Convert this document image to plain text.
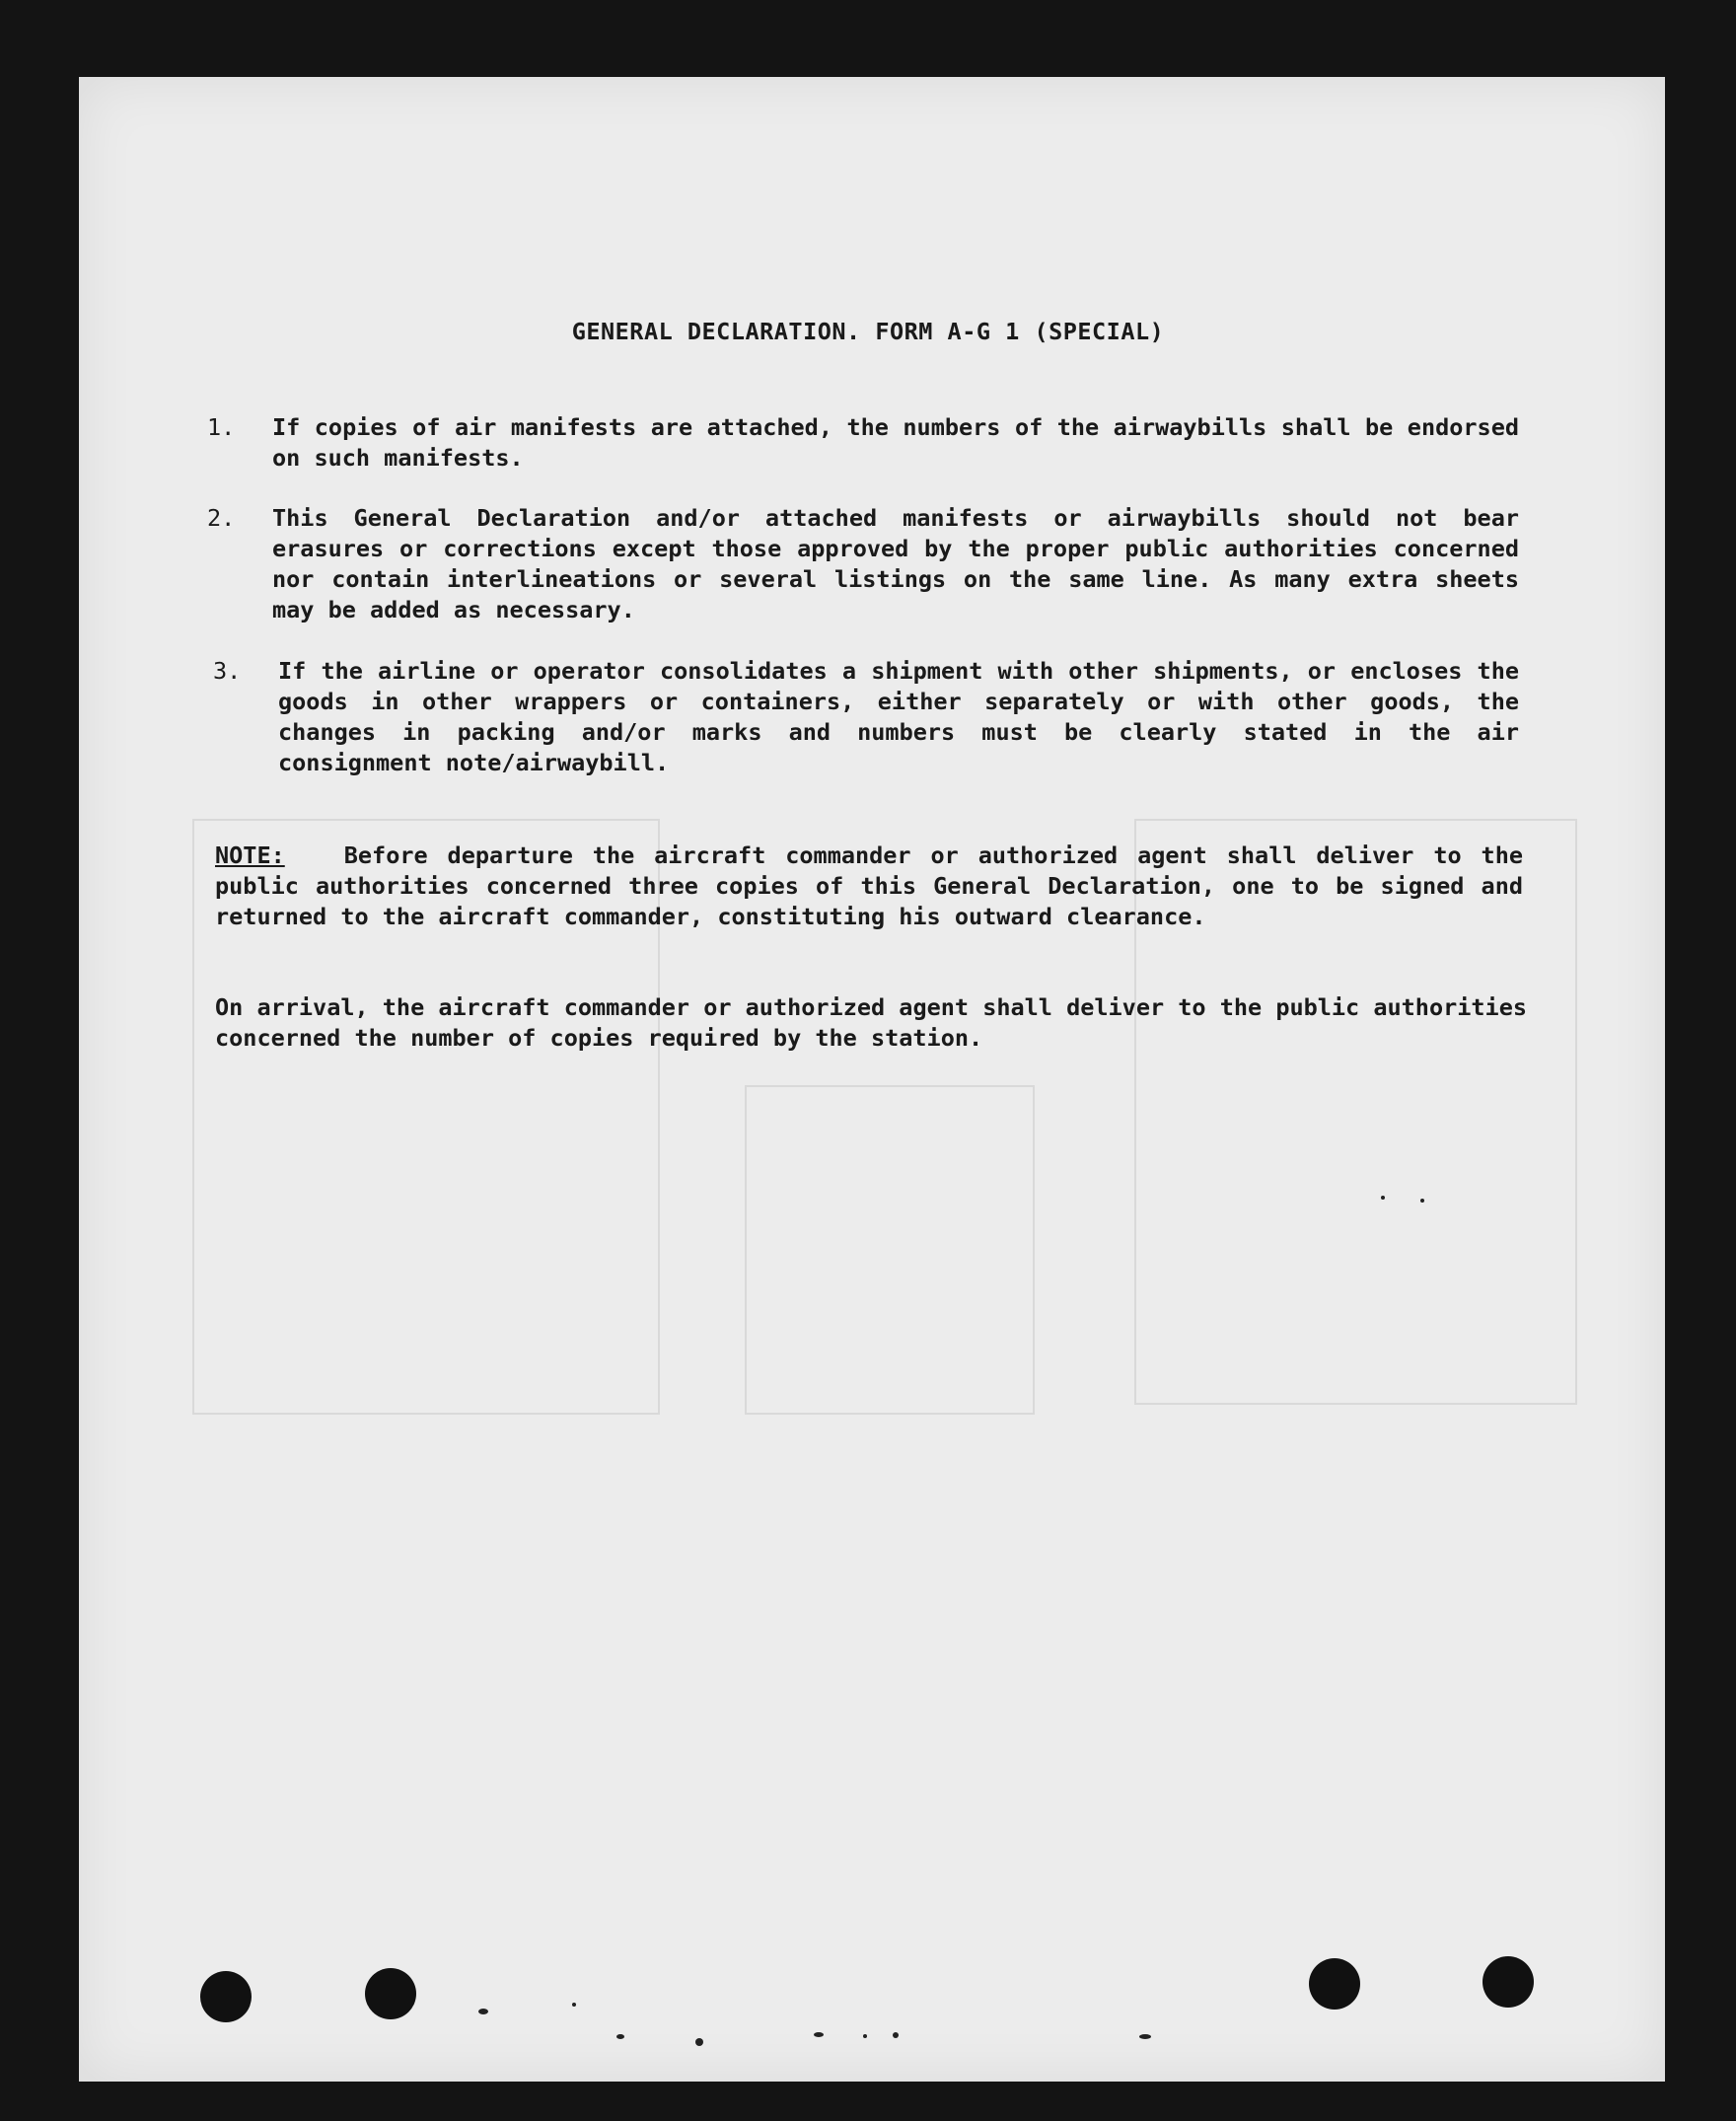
GENERAL DECLARATION. FORM A-G 1 (SPECIAL)
1.	If copies of air manifests are attached, the numbers of the airwaybills shall be endorsed on such manifests.
2.	This General Declaration and/or attached manifests or airwaybills should not bear erasures or corrections except those approved by the proper public authorities concerned nor contain interlineations or several listings on the same line. As many extra sheets may be added as necessary.
3.	If the airline or operator consolidates a shipment with other shipments, or encloses the goods in other wrappers or containers, either separately or with other goods, the changes in packing and/or marks and numbers must be clearly stated in the air consignment note/airwaybill.
NOTE:	Before departure the aircraft commander or authorized agent shall deliver to the public authorities concerned three copies of this General Declaration, one to be signed and returned to the aircraft commander, constituting his outward clearance.
On arrival, the aircraft commander or authorized agent shall deliver to the public authorities concerned the number of copies required by the station.
